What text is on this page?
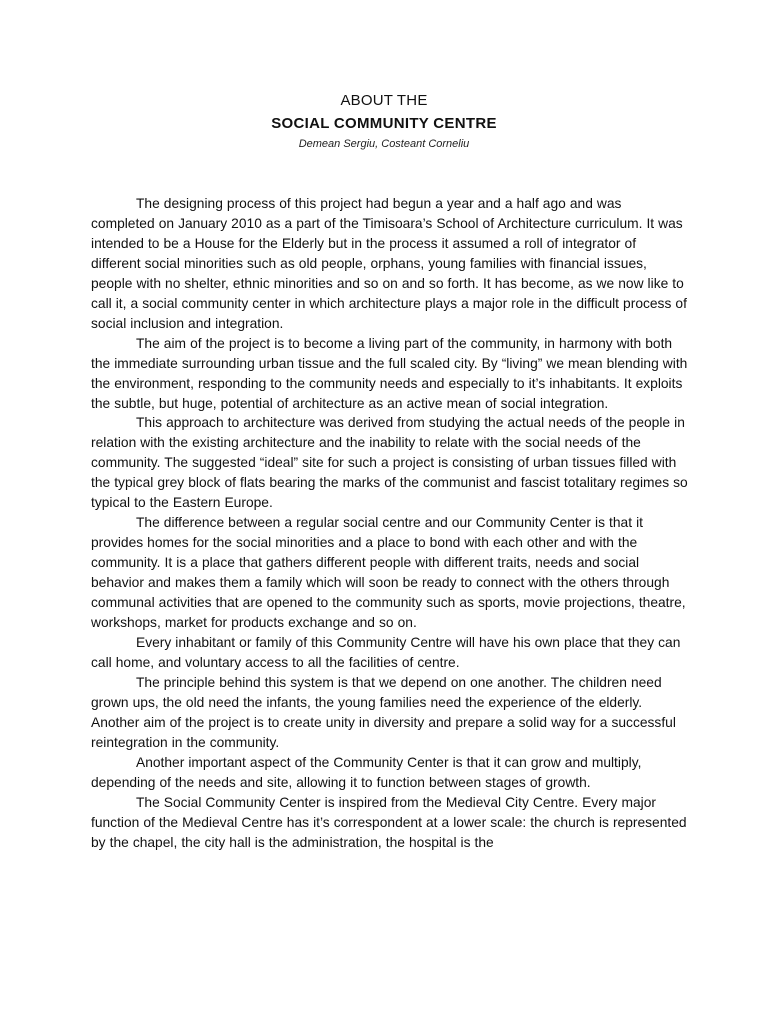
ABOUT THE
SOCIAL COMMUNITY CENTRE
Demean Sergiu, Costeant Corneliu

The designing process of this project had begun a year and a half ago and was completed on January 2010 as a part of the Timisoara’s School of Architecture curriculum. It was intended to be a House for the Elderly but in the process it assumed a roll of integrator of different social minorities such as old people, orphans, young families with financial issues, people with no shelter, ethnic minorities and so on and so forth. It has become, as we now like to call it, a social community center in which architecture plays a major role in the difficult process of social inclusion and integration.

The aim of the project is to become a living part of the community, in harmony with both the immediate surrounding urban tissue and the full scaled city. By “living” we mean blending with the environment, responding to the community needs and especially to it’s inhabitants. It exploits the subtle, but huge, potential of architecture as an active mean of social integration.

This approach to architecture was derived from studying the actual needs of the people in relation with the existing architecture and the inability to relate with the social needs of the community. The suggested “ideal” site for such a project is consisting of urban tissues filled with the typical grey block of flats bearing the marks of the communist and fascist totalitary regimes so typical to the Eastern Europe.

The difference between a regular social centre and our Community Center is that it provides homes for the social minorities and a place to bond with each other and with the community. It is a place that gathers different people with different traits, needs and social behavior and makes them a family which will soon be ready to connect with the others through communal activities that are opened to the community such as sports, movie projections, theatre, workshops, market for products exchange and so on.

Every inhabitant or family of this Community Centre will have his own place that they can call home, and voluntary access to all the facilities of centre.

The principle behind this system is that we depend on one another. The children need grown ups, the old need the infants, the young families need the experience of the elderly. Another aim of the project is to create unity in diversity and prepare a solid way for a successful reintegration in the community.

Another important aspect of the Community Center is that it can grow and multiply, depending of the needs and site, allowing it to function between stages of growth.

The Social Community Center is inspired from the Medieval City Centre. Every major function of the Medieval Centre has it’s correspondent at a lower scale: the church is represented by the chapel, the city hall is the administration, the hospital is the
